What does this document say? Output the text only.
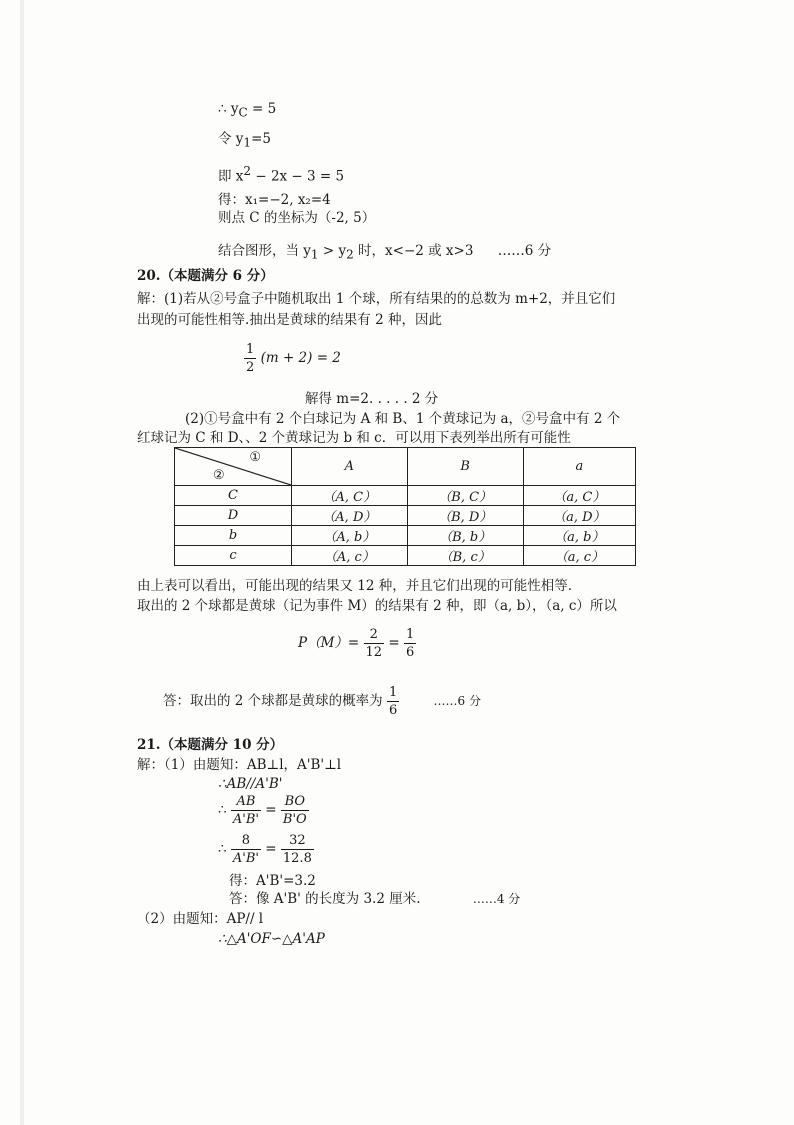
∴ $y_C = 5$
令 $y_1=5$
即 $x^2 - 2x - 3 = 5$
得：x₁=−2, x₂=4
则点 C 的坐标为（-2, 5）
结合图形，当 $y_1 > y_2$ 时，x<−2 或 x>3 ……6 分
20.（本题满分 6 分）
解：(1)若从②号盒子中随机取出 1 个球，所有结果的的总数为 m+2，并且它们
出现的可能性相等.抽出是黄球的结果有 2 种，因此
$\frac{1}{2} (m + 2) = 2$
解得 m=2. . . . . 2 分
(2)①号盒中有 2 个白球记为 A 和 B、1 个黄球记为 a，②号盒中有 2 个
红球记为 C 和 D、、2 个黄球记为 b 和 c．可以用下表列举出所有可能性
①
②	A	B	a
C	（A, C）	（B, C）	（a, C）
D	（A, D）	（B, D）	（a, D）
b	（A, b）	（B, b）	（a, b）
c	（A, c）	（B, c）	（a, c）
由上表可以看出，可能出现的结果又 12 种，并且它们出现的可能性相等.
取出的 2 个球都是黄球（记为事件 M）的结果有 2 种，即（a, b），（a, c）所以
$P(M)= \frac{2}{12} = \frac{1}{6}$
答：取出的 2 个球都是黄球的概率为 $\frac{1}{6}$	……6 分
21.（本题满分 10 分）
解：（1）由题知：AB⊥l，A'B'⊥l
∴AB//A'B'
∴ $\frac{AB}{A'B'} = \frac{BO}{B'O}$
∴ $\frac{8}{A'B'} = \frac{32}{12.8}$
得：A'B'=3.2
答：像 A'B' 的长度为 3.2 厘米.	……4 分
（2）由题知：AP// l
∴△A'OF∽△A'AP
